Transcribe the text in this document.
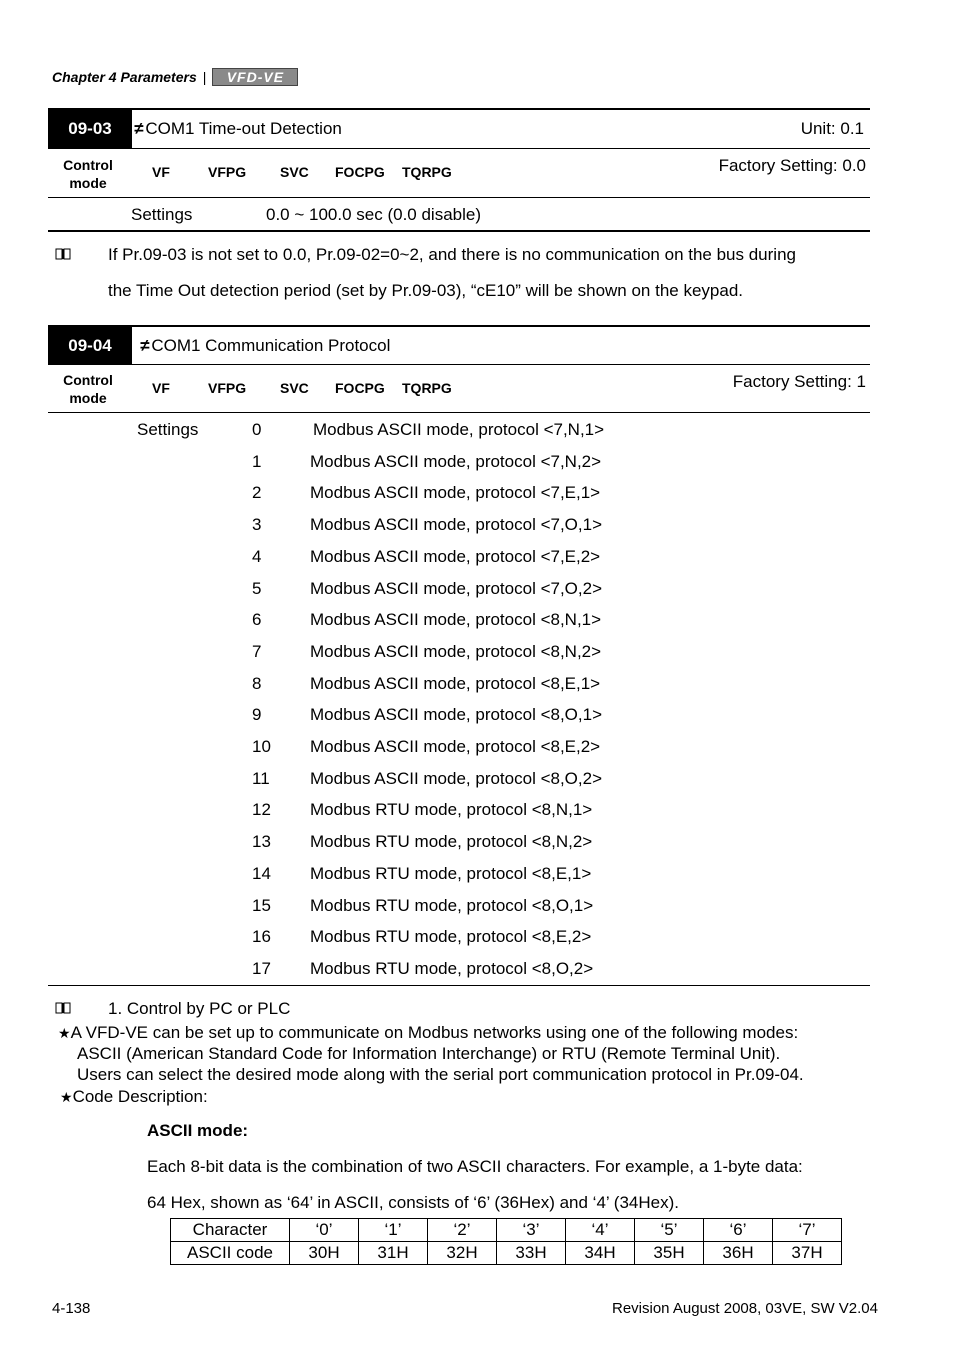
Chapter 4 Parameters |	VFD-VE
09-03	≠ COM1 Time-out Detection	Unit: 0.1
Control
mode
VF	VFPG SVC FOCPG TQRPG	Factory Setting: 0.0
Settings	0.0 ~ 100.0 sec (0.0 disable)
If Pr.09-03 is not set to 0.0, Pr.09-02=0~2, and there is no communication on the bus during
the Time Out detection period (set by Pr.09-03), “cE10” will be shown on the keypad.
09-04	≠ COM1 Communication Protocol
Control
mode
VF	VFPG SVC FOCPG TQRPG	Factory Setting: 1
Settings	0	Modbus ASCII mode, protocol <7,N,1>
1	Modbus ASCII mode, protocol <7,N,2>
2	Modbus ASCII mode, protocol <7,E,1>
3	Modbus ASCII mode, protocol <7,O,1>
4	Modbus ASCII mode, protocol <7,E,2>
5	Modbus ASCII mode, protocol <7,O,2>
6	Modbus ASCII mode, protocol <8,N,1>
7	Modbus ASCII mode, protocol <8,N,2>
8	Modbus ASCII mode, protocol <8,E,1>
9	Modbus ASCII mode, protocol <8,O,1>
10 Modbus ASCII mode, protocol <8,E,2>
11 Modbus ASCII mode, protocol <8,O,2>
12 Modbus RTU mode, protocol <8,N,1>
13 Modbus RTU mode, protocol <8,N,2>
14 Modbus RTU mode, protocol <8,E,1>
15 Modbus RTU mode, protocol <8,O,1>
16 Modbus RTU mode, protocol <8,E,2>
17 Modbus RTU mode, protocol <8,O,2>
1. Control by PC or PLC
★A VFD-VE can be set up to communicate on Modbus networks using one of the following modes:
ASCII (American Standard Code for Information Interchange) or RTU (Remote Terminal Unit).
Users can select the desired mode along with the serial port communication protocol in Pr.09-04.
★Code Description:
ASCII mode:
Each 8-bit data is the combination of two ASCII characters. For example, a 1-byte data:
64 Hex, shown as ‘64’ in ASCII, consists of ‘6’ (36Hex) and ‘4’ (34Hex).
Character	‘0’	‘1’	‘2’	‘3’	‘4’	‘5’	‘6’	‘7’
ASCII code	30H	31H	32H	33H	34H	35H	36H	37H
4-138	Revision August 2008, 03VE, SW V2.04
